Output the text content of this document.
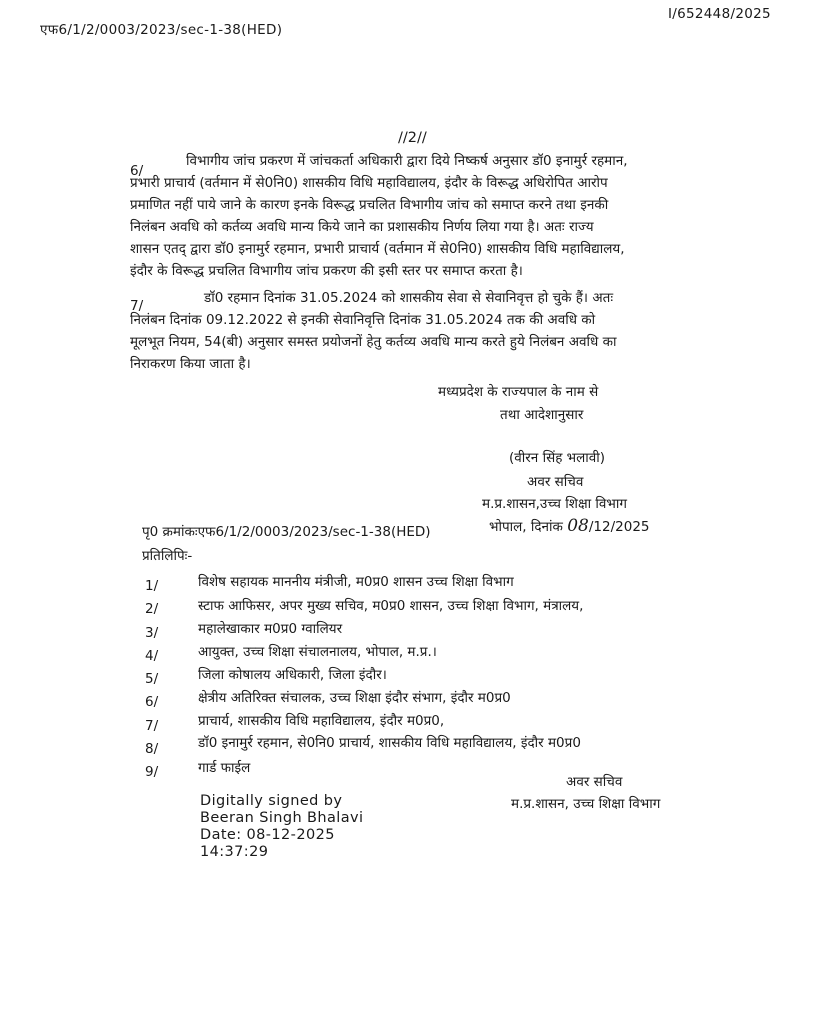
एफ6/1/2/0003/2023/sec-1-38(HED)
I/652448/2025
//2//
6/
विभागीय जांच प्रकरण में जांचकर्ता अधिकारी द्वारा दिये निष्कर्ष अनुसार डॉ0 इनामुर्र रहमान,
प्रभारी प्राचार्य (वर्तमान में से0नि0) शासकीय विधि महाविद्यालय, इंदौर के विरूद्ध अधिरोपित आरोप
प्रमाणित नहीं पाये जाने के कारण इनके विरूद्ध प्रचलित विभागीय जांच को समाप्त करने तथा इनकी
निलंबन अवधि को कर्तव्य अवधि मान्य किये जाने का प्रशासकीय निर्णय लिया गया है। अतः राज्य
शासन एतद् द्वारा डॉ0 इनामुर्र रहमान, प्रभारी प्राचार्य (वर्तमान में से0नि0) शासकीय विधि महाविद्यालय,
इंदौर के विरूद्ध प्रचलित विभागीय जांच प्रकरण की इसी स्तर पर समाप्त करता है।
7/	डॉ0 रहमान दिनांक 31.05.2024 को शासकीय सेवा से सेवानिवृत्त हो चुके हैं। अतः
निलंबन दिनांक 09.12.2022 से इनकी सेवानिवृत्ति दिनांक 31.05.2024 तक की अवधि को
मूलभूत नियम, 54(बी) अनुसार समस्त प्रयोजनों हेतु कर्तव्य अवधि मान्य करते हुये निलंबन अवधि का
निराकरण किया जाता है।
मध्यप्रदेश के राज्यपाल के नाम से
तथा आदेशानुसार
(वीरन सिंह भलावी)
अवर सचिव
म.प्र.शासन,उच्च शिक्षा विभाग
भोपाल, दिनांक 08/12/2025
पृ0 क्रमांकःएफ6/1/2/0003/2023/sec-1-38(HED)
प्रतिलिपिः-
1/	विशेष सहायक माननीय मंत्रीजी, म0प्र0 शासन उच्च शिक्षा विभाग
2/	स्टाफ आफिसर, अपर मुख्य सचिव, म0प्र0 शासन, उच्च शिक्षा विभाग, मंत्रालय,
3/	महालेखाकार म0प्र0 ग्वालियर
4/	आयुक्त, उच्च शिक्षा संचालनालय, भोपाल, म.प्र.।
5/	जिला कोषालय अधिकारी, जिला इंदौर।
6/	क्षेत्रीय अतिरिक्त संचालक, उच्च शिक्षा इंदौर संभाग, इंदौर म0प्र0
7/	प्राचार्य, शासकीय विधि महाविद्यालय, इंदौर म0प्र0,
8/	डॉ0 इनामुर्र रहमान, से0नि0 प्राचार्य, शासकीय विधि महाविद्यालय, इंदौर म0प्र0
9/	गार्ड फाईल
अवर सचिव
म.प्र.शासन, उच्च शिक्षा विभाग
Digitally signed by
Beeran Singh Bhalavi
Date: 08-12-2025
14:37:29
